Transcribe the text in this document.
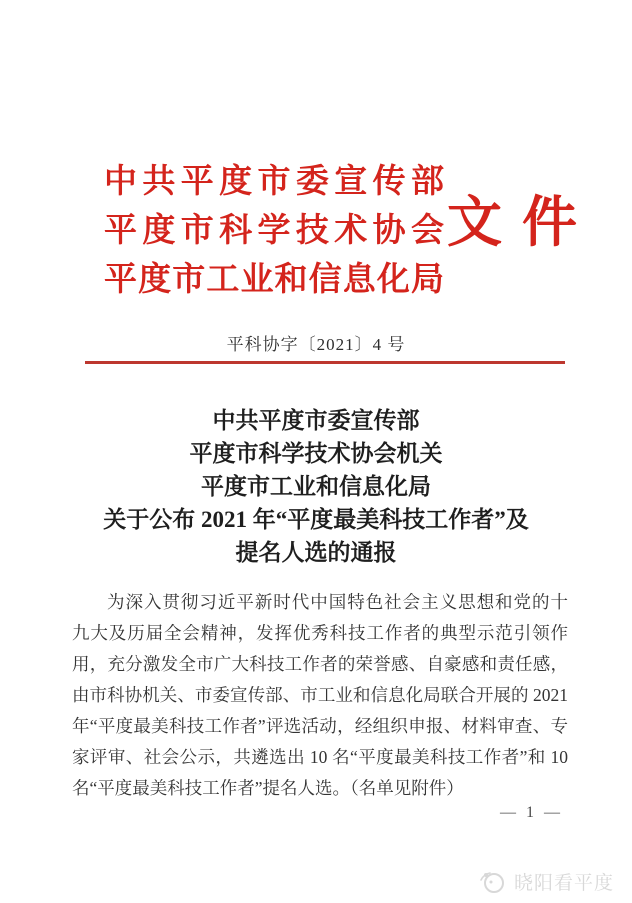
中共平度市委宣传部
平度市科学技术协会
平度市工业和信息化局
文件
平科协字〔2021〕4 号
中共平度市委宣传部
平度市科学技术协会机关
平度市工业和信息化局
关于公布 2021 年“平度最美科技工作者”及
提名人选的通报
为深入贯彻习近平新时代中国特色社会主义思想和党的十
九大及历届全会精神，发挥优秀科技工作者的典型示范引领作
用，充分激发全市广大科技工作者的荣誉感、自豪感和责任感，
由市科协机关、市委宣传部、市工业和信息化局联合开展的 2021
年“平度最美科技工作者”评选活动，经组织申报、材料审查、专
家评审、社会公示，共遴选出 10 名“平度最美科技工作者”和 10
名“平度最美科技工作者”提名人选。（名单见附件）
— 1 —
晓阳看平度
